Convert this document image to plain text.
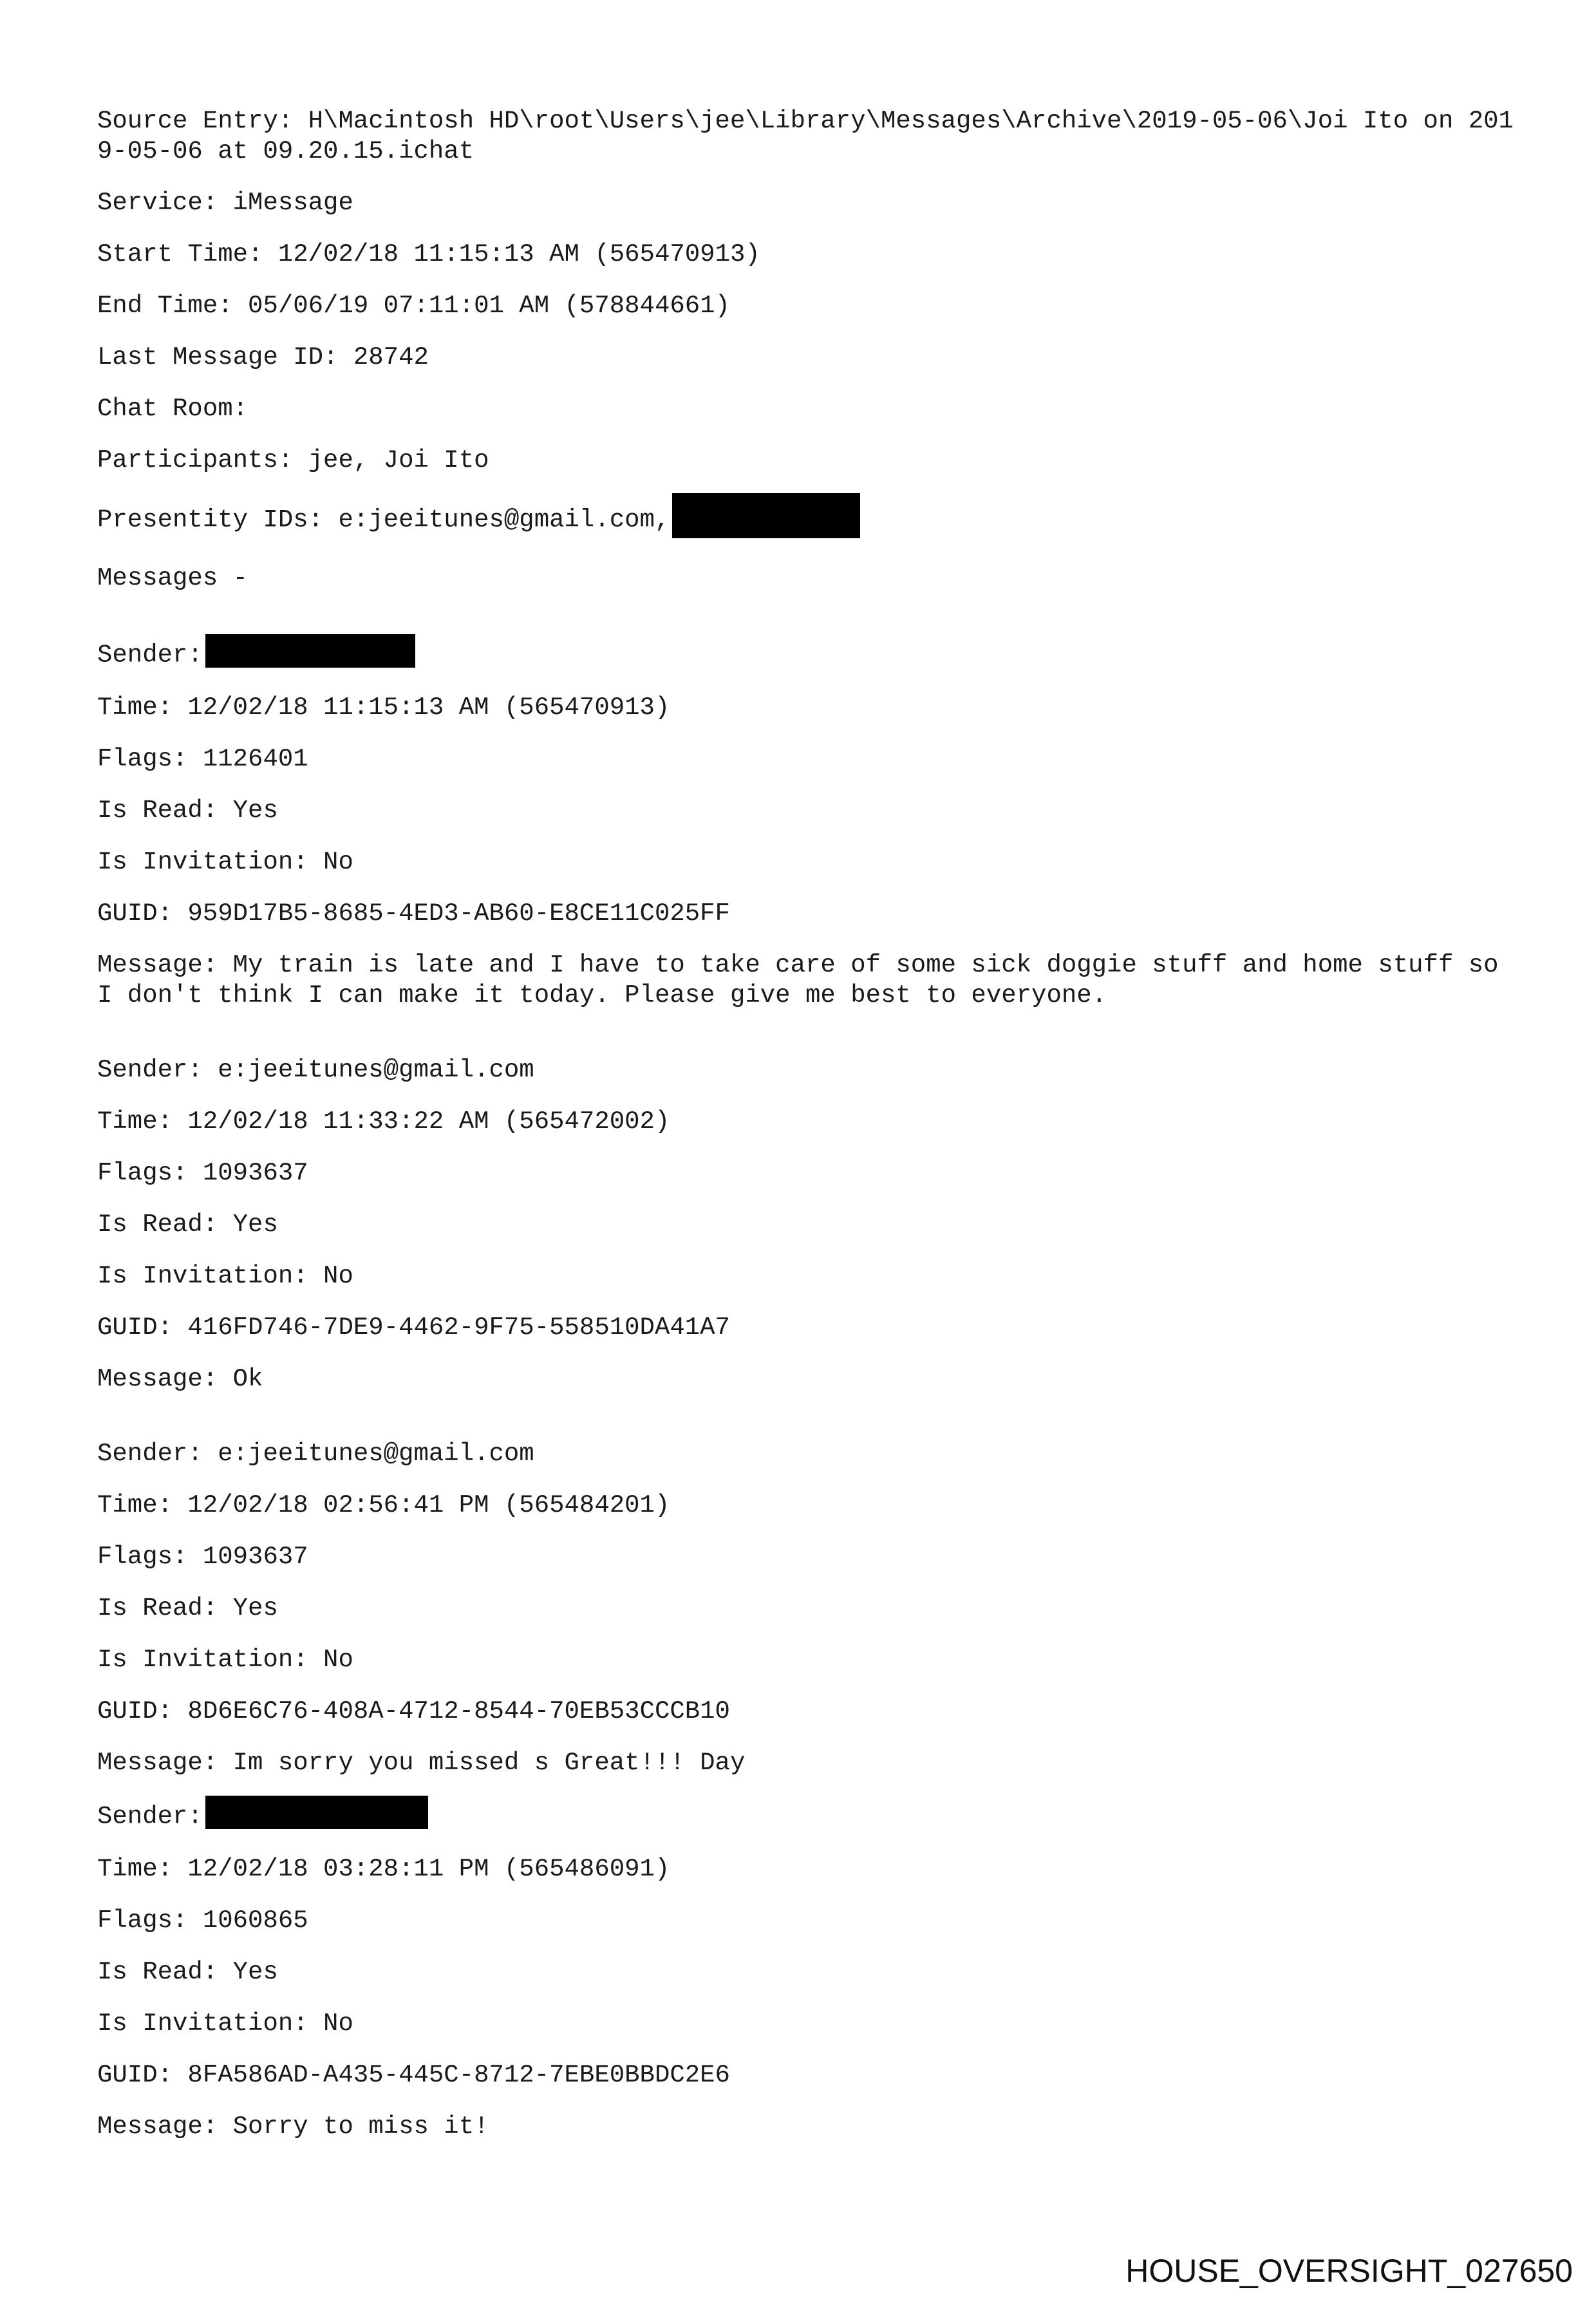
Source Entry: H\Macintosh HD\root\Users\jee\Library\Messages\Archive\2019-05-06\Joi Ito on 2019-05-06 at 09.20.15.ichat
Service: iMessage
Start Time: 12/02/18 11:15:13 AM (565470913)
End Time: 05/06/19 07:11:01 AM (578844661)
Last Message ID: 28742
Chat Room:
Participants: jee, Joi Ito
Presentity IDs: e:jeeitunes@gmail.com,
Messages -
Sender:
Time: 12/02/18 11:15:13 AM (565470913)
Flags: 1126401
Is Read: Yes
Is Invitation: No
GUID: 959D17B5-8685-4ED3-AB60-E8CE11C025FF
Message: My train is late and I have to take care of some sick doggie stuff and home stuff so I don't think I can make it today. Please give me best to everyone.
Sender: e:jeeitunes@gmail.com
Time: 12/02/18 11:33:22 AM (565472002)
Flags: 1093637
Is Read: Yes
Is Invitation: No
GUID: 416FD746-7DE9-4462-9F75-558510DA41A7
Message: Ok
Sender: e:jeeitunes@gmail.com
Time: 12/02/18 02:56:41 PM (565484201)
Flags: 1093637
Is Read: Yes
Is Invitation: No
GUID: 8D6E6C76-408A-4712-8544-70EB53CCCB10
Message: Im sorry you missed s Great!!! Day
Sender:
Time: 12/02/18 03:28:11 PM (565486091)
Flags: 1060865
Is Read: Yes
Is Invitation: No
GUID: 8FA586AD-A435-445C-8712-7EBE0BBDC2E6
Message: Sorry to miss it!
HOUSE_OVERSIGHT_027650
